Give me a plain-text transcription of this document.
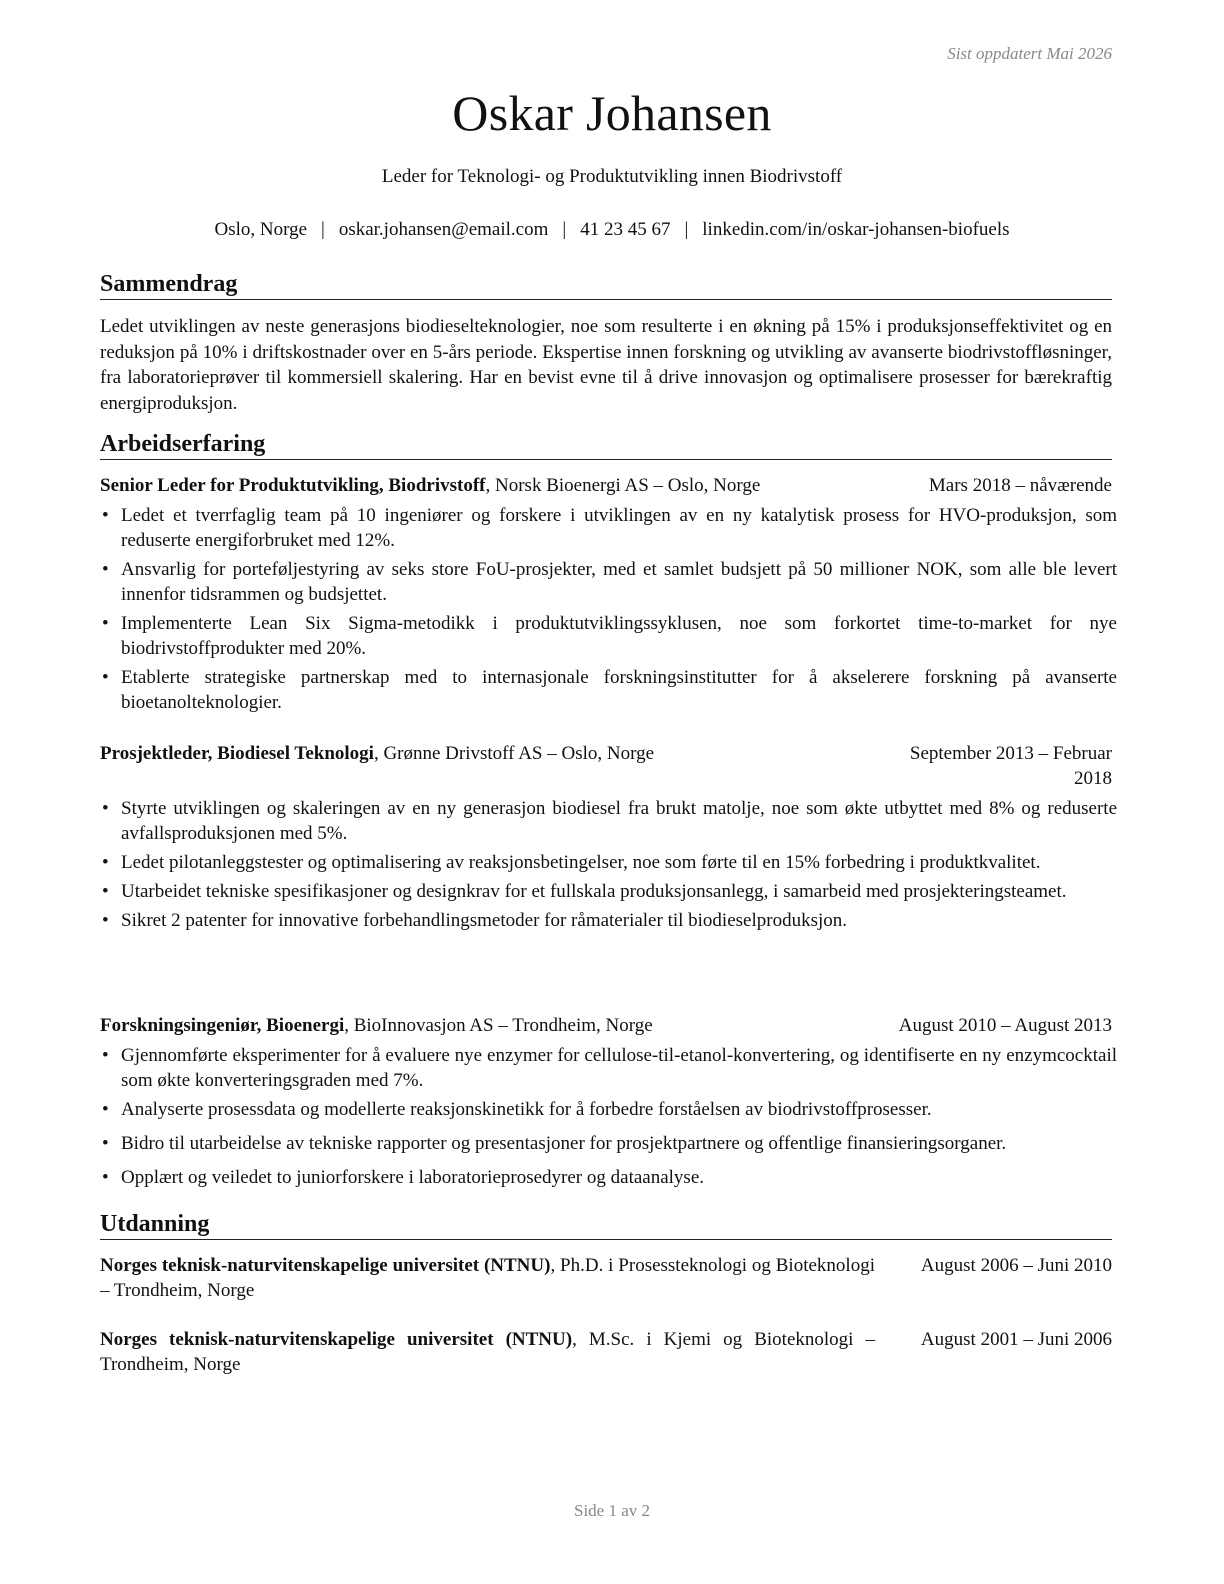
Sist oppdatert Mai 2026
Oskar Johansen
Leder for Teknologi- og Produktutvikling innen Biodrivstoff
Oslo, Norge | oskar.johansen@email.com | 41 23 45 67 | linkedin.com/in/oskar-johansen-biofuels
Sammendrag
Ledet utviklingen av neste generasjons biodieselteknologier, noe som resulterte i en økning på 15% i produksjonseffektivitet og en reduksjon på 10% i driftskostnader over en 5-års periode. Ekspertise innen forskning og utvikling av avanserte biodrivstoffløsninger, fra laboratorieprøver til kommersiell skalering. Har en bevist evne til å drive innovasjon og optimalisere prosesser for bærekraftig energiproduksjon.
Arbeidserfaring
Senior Leder for Produktutvikling, Biodrivstoff, Norsk Bioenergi AS – Oslo, Norge	Mars 2018 – nåværende
• Ledet et tverrfaglig team på 10 ingeniører og forskere i utviklingen av en ny katalytisk prosess for HVO-produksjon, som reduserte energiforbruket med 12%.
• Ansvarlig for porteføljestyring av seks store FoU-prosjekter, med et samlet budsjett på 50 millioner NOK, som alle ble levert innenfor tidsrammen og budsjettet.
• Implementerte Lean Six Sigma-metodikk i produktutviklingssyklusen, noe som forkortet time-to-market for nye biodrivstoffprodukter med 20%.
• Etablerte strategiske partnerskap med to internasjonale forskningsinstitutter for å akselerere forskning på avanserte bioetanolteknologier.
Prosjektleder, Biodiesel Teknologi, Grønne Drivstoff AS – Oslo, Norge	September 2013 – Februar 2018
• Styrte utviklingen og skaleringen av en ny generasjon biodiesel fra brukt matolje, noe som økte utbyttet med 8% og reduserte avfallsproduksjonen med 5%.
• Ledet pilotanleggstester og optimalisering av reaksjonsbetingelser, noe som førte til en 15% forbedring i produktkvalitet.
• Utarbeidet tekniske spesifikasjoner og designkrav for et fullskala produksjonsanlegg, i samarbeid med prosjekteringsteamet.
• Sikret 2 patenter for innovative forbehandlingsmetoder for råmaterialer til biodieselproduksjon.
Forskningsingeniør, Bioenergi, BioInnovasjon AS – Trondheim, Norge	August 2010 – August 2013
• Gjennomførte eksperimenter for å evaluere nye enzymer for cellulose-til-etanol-konvertering, og identifiserte en ny enzymcocktail som økte konverteringsgraden med 7%.
• Analyserte prosessdata og modellerte reaksjonskinetikk for å forbedre forståelsen av biodrivstoffprosesser.
• Bidro til utarbeidelse av tekniske rapporter og presentasjoner for prosjektpartnere og offentlige finansieringsorganer.
• Opplært og veiledet to juniorforskere i laboratorieprosedyrer og dataanalyse.
Utdanning
Norges teknisk-naturvitenskapelige universitet (NTNU), Ph.D. i Prosessteknologi og Bioteknologi – Trondheim, Norge
August 2006 – Juni 2010
Norges teknisk-naturvitenskapelige universitet (NTNU), M.Sc. i Kjemi og Bioteknologi – Trondheim, Norge
August 2001 – Juni 2006
Side 1 av 2
